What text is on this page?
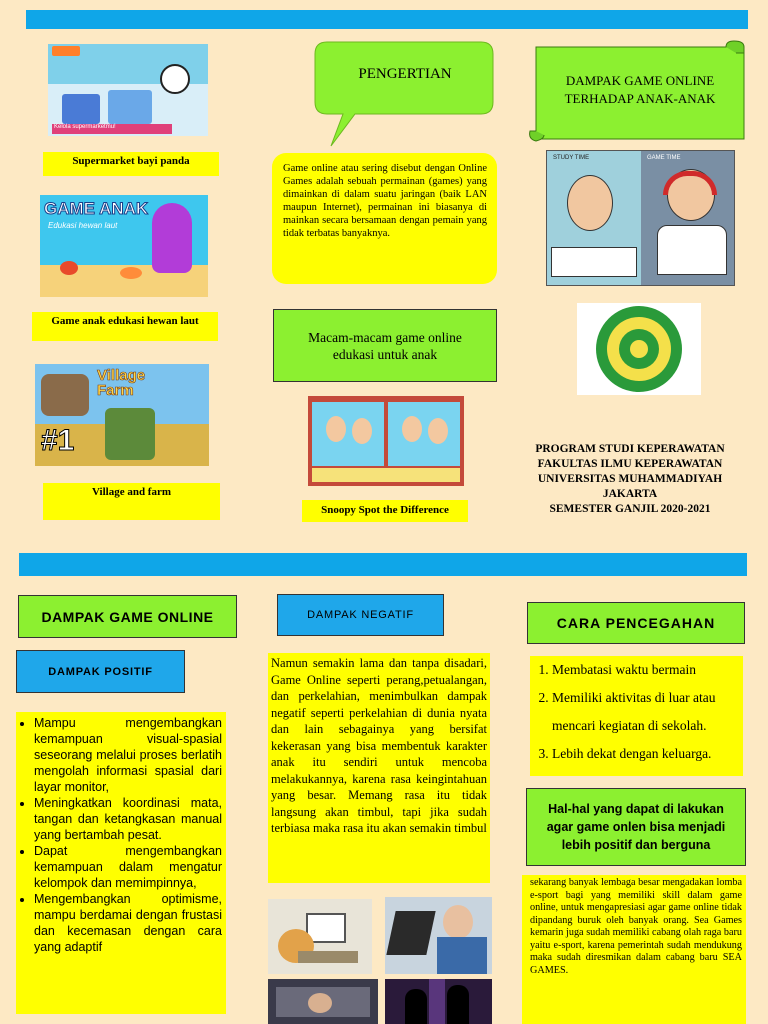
Kelola supermarketmu!
Supermarket bayi panda
GAME ANAK
Edukasi hewan laut
Game anak edukasi hewan laut
Village Farm
#1
Village and farm
PENGERTIAN
Game online atau sering disebut dengan Online Games adalah sebuah permainan (games) yang dimainkan di dalam suatu jaringan (baik LAN maupun Internet), permainan ini biasanya di mainkan secara bersamaan dengan pemain yang tidak terbatas banyaknya.
Macam-macam game online edukasi untuk anak
Snoopy Spot the Difference
DAMPAK GAME ONLINE TERHADAP ANAK-ANAK
STUDY TIME	GAME TIME
PROGRAM STUDI KEPERAWATAN
FAKULTAS ILMU KEPERAWATAN
UNIVERSITAS MUHAMMADIYAH
JAKARTA
SEMESTER GANJIL 2020-2021
DAMPAK GAME ONLINE
DAMPAK POSITIF
• Mampu mengembangkan kemampuan visual-spasial seseorang melalui proses berlatih mengolah informasi spasial dari layar monitor,
• Meningkatkan koordinasi mata, tangan dan ketangkasan manual yang bertambah pesat.
• Dapat mengembangkan kemampuan dalam mengatur kelompok dan memimpinnya,
• Mengembangkan optimisme, mampu berdamai dengan frustasi dan kecemasan dengan cara yang adaptif
DAMPAK NEGATIF
Namun semakin lama dan tanpa disadari, Game Online seperti perang,petualangan, dan perkelahian, menimbulkan dampak negatif seperti perkelahian di dunia nyata dan lain sebagainya yang bersifat kekerasan yang bisa membentuk karakter anak itu sendiri untuk mencoba melakukannya, karena rasa keingintahuan yang besar. Memang rasa itu tidak langsung akan timbul, tapi jika sudah terbiasa maka rasa itu akan semakin timbul
CARA PENCEGAHAN
1. Membatasi waktu bermain
2. Memiliki aktivitas di luar atau mencari kegiatan di sekolah.
3. Lebih dekat dengan keluarga.
Hal-hal yang dapat di lakukan agar game onlen bisa menjadi lebih positif dan berguna
sekarang banyak lembaga besar mengadakan lomba e-sport bagi yang memiliki skill dalam game online, untuk mengapresiasi agar game online tidak dipandang buruk oleh banyak orang. Sea Games kemarin juga sudah memiliki cabang olah raga baru yaitu e-sport, karena pemerintah sudah mendukung maka sudah diresmikan dalam cabang baru SEA GAMES.
